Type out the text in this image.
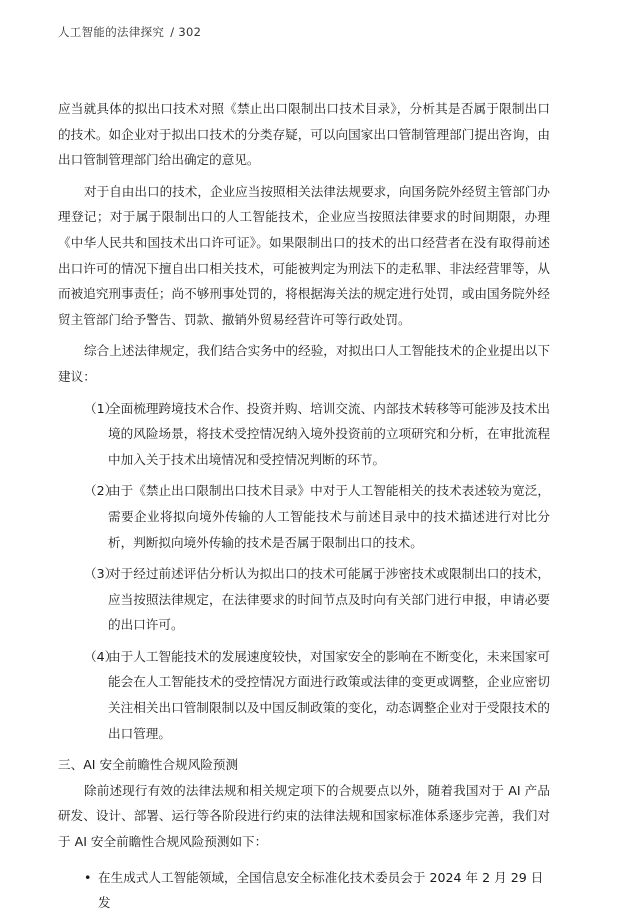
人工智能的法律探究 / 302

应当就具体的拟出口技术对照《禁止出口限制出口技术目录》，分析其是否属于限制出口的技术。如企业对于拟出口技术的分类存疑，可以向国家出口管制管理部门提出咨询，由出口管制管理部门给出确定的意见。

对于自由出口的技术，企业应当按照相关法律法规要求，向国务院外经贸主管部门办理登记；对于属于限制出口的人工智能技术，企业应当按照法律要求的时间期限，办理《中华人民共和国技术出口许可证》。如果限制出口的技术的出口经营者在没有取得前述出口许可的情况下擅自出口相关技术，可能被判定为刑法下的走私罪、非法经营罪等，从而被追究刑事责任；尚不够刑事处罚的，将根据海关法的规定进行处罚，或由国务院外经贸主管部门给予警告、罚款、撤销外贸易经营许可等行政处罚。

综合上述法律规定，我们结合实务中的经验，对拟出口人工智能技术的企业提出以下建议：

（1）
全面梳理跨境技术合作、投资并购、培训交流、内部技术转移等可能涉及技术出境的风险场景，将技术受控情况纳入境外投资前的立项研究和分析，在审批流程中加入关于技术出境情况和受控情况判断的环节。
（2）
由于《禁止出口限制出口技术目录》中对于人工智能相关的技术表述较为宽泛，需要企业将拟向境外传输的人工智能技术与前述目录中的技术描述进行对比分析，判断拟向境外传输的技术是否属于限制出口的技术。
（3）
对于经过前述评估分析认为拟出口的技术可能属于涉密技术或限制出口的技术，应当按照法律规定，在法律要求的时间节点及时向有关部门进行申报，申请必要的出口许可。
（4）
由于人工智能技术的发展速度较快，对国家安全的影响在不断变化，未来国家可能会在人工智能技术的受控情况方面进行政策或法律的变更或调整，企业应密切关注相关出口管制限制以及中国反制政策的变化，动态调整企业对于受限技术的出口管理。

三、AI 安全前瞻性合规风险预测

除前述现行有效的法律法规和相关规定项下的合规要点以外，随着我国对于 AI 产品研发、设计、部署、运行等各阶段进行约束的法律法规和国家标准体系逐步完善，我们对于 AI 安全前瞻性合规风险预测如下：

• 在生成式人工智能领域，全国信息安全标准化技术委员会于 2024 年 2 月 29 日发
